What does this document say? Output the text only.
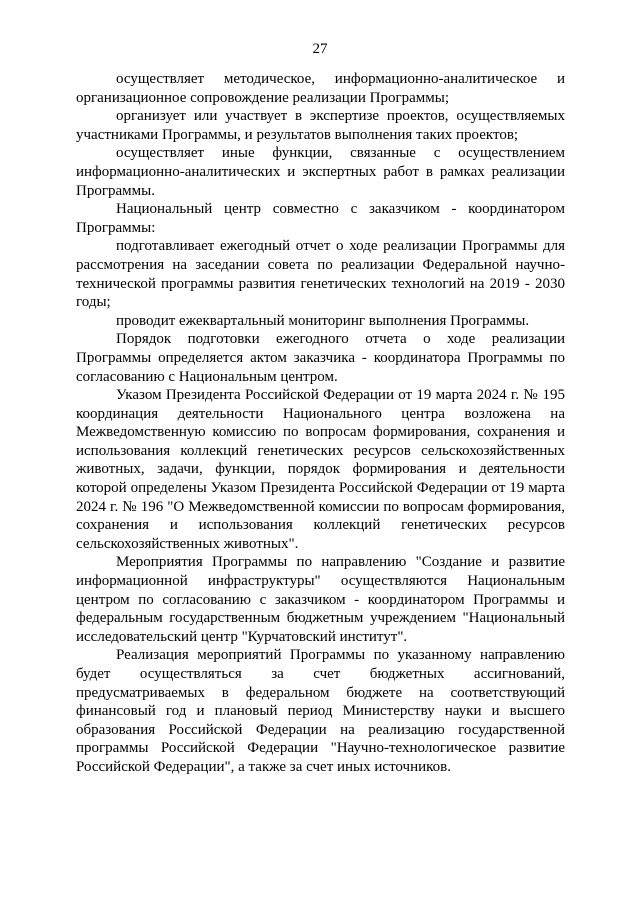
27

осуществляет методическое, информационно-аналитическое и организационное сопровождение реализации Программы;

организует или участвует в экспертизе проектов, осуществляемых участниками Программы, и результатов выполнения таких проектов;

осуществляет иные функции, связанные с осуществлением информационно-аналитических и экспертных работ в рамках реализации Программы.

Национальный центр совместно с заказчиком - координатором Программы:

подготавливает ежегодный отчет о ходе реализации Программы для рассмотрения на заседании совета по реализации Федеральной научно-технической программы развития генетических технологий на 2019 - 2030 годы;

проводит ежеквартальный мониторинг выполнения Программы.

Порядок подготовки ежегодного отчета о ходе реализации Программы определяется актом заказчика - координатора Программы по согласованию с Национальным центром.

Указом Президента Российской Федерации от 19 марта 2024 г. № 195 координация деятельности Национального центра возложена на Межведомственную комиссию по вопросам формирования, сохранения и использования коллекций генетических ресурсов сельскохозяйственных животных, задачи, функции, порядок формирования и деятельности которой определены Указом Президента Российской Федерации от 19 марта 2024 г. № 196 "О Межведомственной комиссии по вопросам формирования, сохранения и использования коллекций генетических ресурсов сельскохозяйственных животных".

Мероприятия Программы по направлению "Создание и развитие информационной инфраструктуры" осуществляются Национальным центром по согласованию с заказчиком - координатором Программы и федеральным государственным бюджетным учреждением "Национальный исследовательский центр "Курчатовский институт".

Реализация мероприятий Программы по указанному направлению будет осуществляться за счет бюджетных ассигнований, предусматриваемых в федеральном бюджете на соответствующий финансовый год и плановый период Министерству науки и высшего образования Российской Федерации на реализацию государственной программы Российской Федерации "Научно-технологическое развитие Российской Федерации", а также за счет иных источников.
